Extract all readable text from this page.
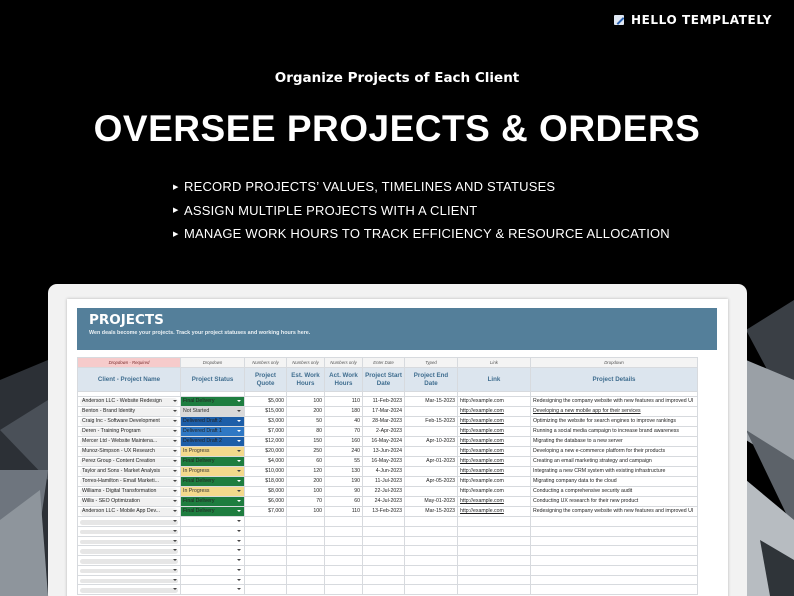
HELLO TEMPLATELY
Organize Projects of Each Client
OVERSEE PROJECTS & ORDERS
▶ RECORD PROJECTS’ VALUES, TIMELINES AND STATUSES
▶ ASSIGN MULTIPLE PROJECTS WITH A CLIENT
▶ MANAGE WORK HOURS TO TRACK EFFICIENCY & RESOURCE ALLOCATION
PROJECTS
Wen deals become your projects. Track your project statuses and working hours here.
Dropdown - Required	Dropdown	Numbers only	Numbers only	Numbers only	Enter Date	Typed	Link	Dropdown
Client - Project Name	Project Status	Project Quote	Est. Work Hours	Act. Work Hours	Project Start Date	Project End Date	Link	Project Details

Anderson LLC - Website Redesign	Final Delivery	$5,000	100	110	11-Feb-2023	Mar-15-2023	http://example.com	Redesigning the company website with new features and improved UI

Benton - Brand Identity	Not Started	$15,000	200	180	17-Mar-2024		http://example.com	Developing a new mobile app for their services

Craig Inc - Software Development	Delivered Draft 2	$3,000	50	40	28-Mar-2023	Feb-15-2023	http://example.com	Optimizing the website for search engines to improve rankings

Deren - Training Program	Delivered Draft 1	$7,000	80	70	2-Apr-2023		http://example.com	Running a social media campaign to increase brand awareness

Mercer Ltd - Website Maintena...	Delivered Draft 2	$12,000	150	160	16-May-2024	Apr-10-2023	http://example.com	Migrating the database to a new server

Munoz-Simpson - UX Research	In Progress	$20,000	250	240	13-Jun-2024		http://example.com	Developing a new e-commerce platform for their products

Perez Group - Content Creation	Final Delivery	$4,000	60	55	16-May-2023	Apr-01-2023	http://example.com	Creating an email marketing strategy and campaign

Taylor and Sons - Market Analysis	In Progress	$10,000	120	130	4-Jun-2023		http://example.com	Integrating a new CRM system with existing infrastructure

Torres-Hamilton - Email Marketi...	Final Delivery	$18,000	200	190	11-Jul-2023	Apr-05-2023	http://example.com	Migrating company data to the cloud

Williams - Digital Transformation	In Progress	$8,000	100	90	22-Jul-2023		http://example.com	Conducting a comprehensive security audit

Willis - SEO Optimization	Final Delivery	$6,000	70	60	24-Jul-2023	May-01-2023	http://example.com	Conducting UX research for their new product

Anderson LLC - Mobile App Dev...	Final Delivery	$7,000	100	110	13-Feb-2023	Mar-15-2023	http://example.com	Redesigning the company website with new features and improved UI
